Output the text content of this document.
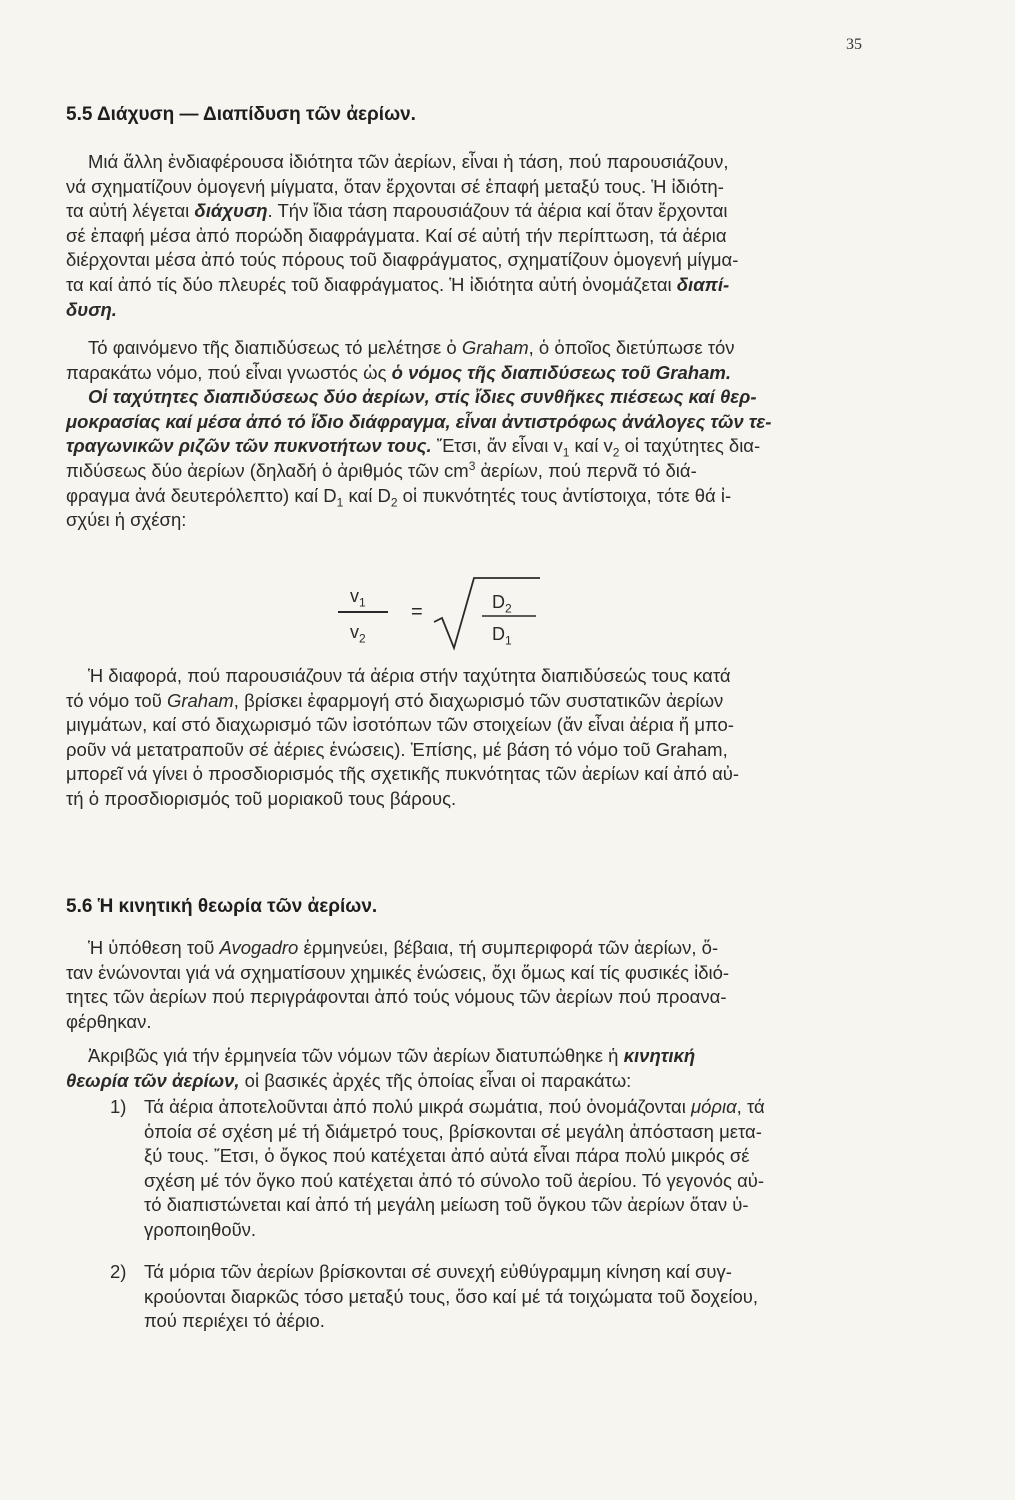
35
5.5 Διάχυση — Διαπίδυση τῶν ἀερίων.
Μιά ἄλλη ἐνδιαφέρουσα ἰδιότητα τῶν ἀερίων, εἶναι ἡ τάση, πού παρουσιάζουν,
νά σχηματίζουν ὁμογενή μίγματα, ὅταν ἔρχονται σέ ἐπαφή μεταξύ τους. Ἡ ἰδιότη-
τα αὐτή λέγεται διάχυση. Τήν ἴδια τάση παρουσιάζουν τά ἀέρια καί ὅταν ἔρχονται
σέ ἐπαφή μέσα ἀπό πορώδη διαφράγματα. Καί σέ αὐτή τήν περίπτωση, τά ἀέρια
διέρχονται μέσα ἀπό τούς πόρους τοῦ διαφράγματος, σχηματίζουν ὁμογενή μίγμα-
τα καί ἀπό τίς δύο πλευρές τοῦ διαφράγματος. Ἡ ἰδιότητα αὐτή ὀνομάζεται διαπί-
δυση.
Τό φαινόμενο τῆς διαπιδύσεως τό μελέτησε ὁ Graham, ὁ ὁποῖος διετύπωσε τόν
παρακάτω νόμο, πού εἶναι γνωστός ὡς ὁ νόμος τῆς διαπιδύσεως τοῦ Graham.
Οἱ ταχύτητες διαπιδύσεως δύο ἀερίων, στίς ἴδιες συνθῆκες πιέσεως καί θερ-
μοκρασίας καί μέσα ἀπό τό ἴδιο διάφραγμα, εἶναι ἀντιστρόφως ἀνάλογες τῶν τε-
τραγωνικῶν ριζῶν τῶν πυκνοτήτων τους. Ἔτσι, ἄν εἶναι $v_1$ καί $v_2$ οἱ ταχύτητες δια-
πιδύσεως δύο ἀερίων (δηλαδή ὁ ἀριθμός τῶν $cm^3$ ἀερίων, πού περνᾶ τό διά-
φραγμα ἀνά δευτερόλεπτο) καί $D_1$ καί $D_2$ οἱ πυκνότητές τους ἀντίστοιχα, τότε θά ἰ-
σχύει ἡ σχέση:
$v_1$
$v_2$
=	$D_2$
$D_1$
Ἡ διαφορά, πού παρουσιάζουν τά ἀέρια στήν ταχύτητα διαπιδύσεώς τους κατά
τό νόμο τοῦ Graham, βρίσκει ἐφαρμογή στό διαχωρισμό τῶν συστατικῶν ἀερίων
μιγμάτων, καί στό διαχωρισμό τῶν ἰσοτόπων τῶν στοιχείων (ἄν εἶναι ἀέρια ἤ μπο-
ροῦν νά μετατραποῦν σέ ἀέριες ἑνώσεις). Ἐπίσης, μέ βάση τό νόμο τοῦ Graham,
μπορεῖ νά γίνει ὁ προσδιορισμός τῆς σχετικῆς πυκνότητας τῶν ἀερίων καί ἀπό αὐ-
τή ὁ προσδιορισμός τοῦ μοριακοῦ τους βάρους.
5.6 Ἡ κινητική θεωρία τῶν ἀερίων.
Ἡ ὑπόθεση τοῦ Avogadro ἑρμηνεύει, βέβαια, τή συμπεριφορά τῶν ἀερίων, ὅ-
ταν ἑνώνονται γιά νά σχηματίσουν χημικές ἑνώσεις, ὄχι ὅμως καί τίς φυσικές ἰδιό-
τητες τῶν ἀερίων πού περιγράφονται ἀπό τούς νόμους τῶν ἀερίων πού προανα-
φέρθηκαν.
Ἀκριβῶς γιά τήν ἑρμηνεία τῶν νόμων τῶν ἀερίων διατυπώθηκε ἡ κινητική
θεωρία τῶν ἀερίων, οἱ βασικές ἀρχές τῆς ὁποίας εἶναι οἱ παρακάτω:
1) Τά ἀέρια ἀποτελοῦνται ἀπό πολύ μικρά σωμάτια, πού ὀνομάζονται μόρια, τά
ὁποία σέ σχέση μέ τή διάμετρό τους, βρίσκονται σέ μεγάλη ἀπόσταση μετα-
ξύ τους. Ἔτσι, ὁ ὄγκος πού κατέχεται ἀπό αὐτά εἶναι πάρα πολύ μικρός σέ
σχέση μέ τόν ὄγκο πού κατέχεται ἀπό τό σύνολο τοῦ ἀερίου. Τό γεγονός αὐ-
τό διαπιστώνεται καί ἀπό τή μεγάλη μείωση τοῦ ὄγκου τῶν ἀερίων ὅταν ὑ-
γροποιηθοῦν.
2) Τά μόρια τῶν ἀερίων βρίσκονται σέ συνεχή εὐθύγραμμη κίνηση καί συγ-
κρούονται διαρκῶς τόσο μεταξύ τους, ὅσο καί μέ τά τοιχώματα τοῦ δοχείου,
πού περιέχει τό ἀέριο.
